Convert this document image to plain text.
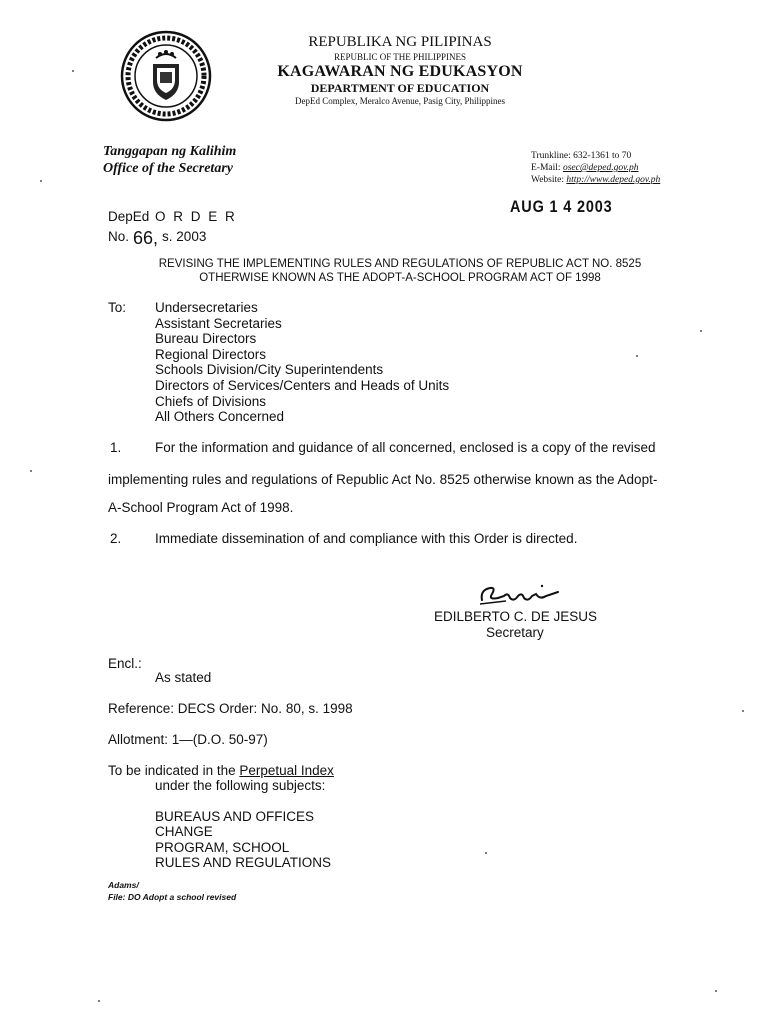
REPUBLIKA NG PILIPINAS
REPUBLIC OF THE PHILIPPINES
KAGAWARAN NG EDUKASYON
DEPARTMENT OF EDUCATION
DepEd Complex, Meralco Avenue, Pasig City, Philippines
Tanggapan ng Kalihim
Office of the Secretary
Trunkline: 632-1361 to 70
E-Mail: osec@deped.gov.ph
Website: http://www.deped.gov.ph
AUG 1 4 2003
DepEd O R D E R
No. 66, s. 2003
REVISING THE IMPLEMENTING RULES AND REGULATIONS OF REPUBLIC ACT NO. 8525
OTHERWISE KNOWN AS THE ADOPT-A-SCHOOL PROGRAM ACT OF 1998
To: Undersecretaries
Assistant Secretaries
Bureau Directors
Regional Directors
Schools Division/City Superintendents
Directors of Services/Centers and Heads of Units
Chiefs of Divisions
All Others Concerned
1. For the information and guidance of all concerned, enclosed is a copy of the revised
implementing rules and regulations of Republic Act No. 8525 otherwise known as the Adopt-
A-School Program Act of 1998.
2. Immediate dissemination of and compliance with this Order is directed.
EDILBERTO C. DE JESUS
Secretary
Encl.:
As stated
Reference: DECS Order: No. 80, s. 1998
Allotment: 1—(D.O. 50-97)
To be indicated in the Perpetual Index
under the following subjects:
BUREAUS AND OFFICES
CHANGE
PROGRAM, SCHOOL
RULES AND REGULATIONS
Adams/
File: DO Adopt a school revised
